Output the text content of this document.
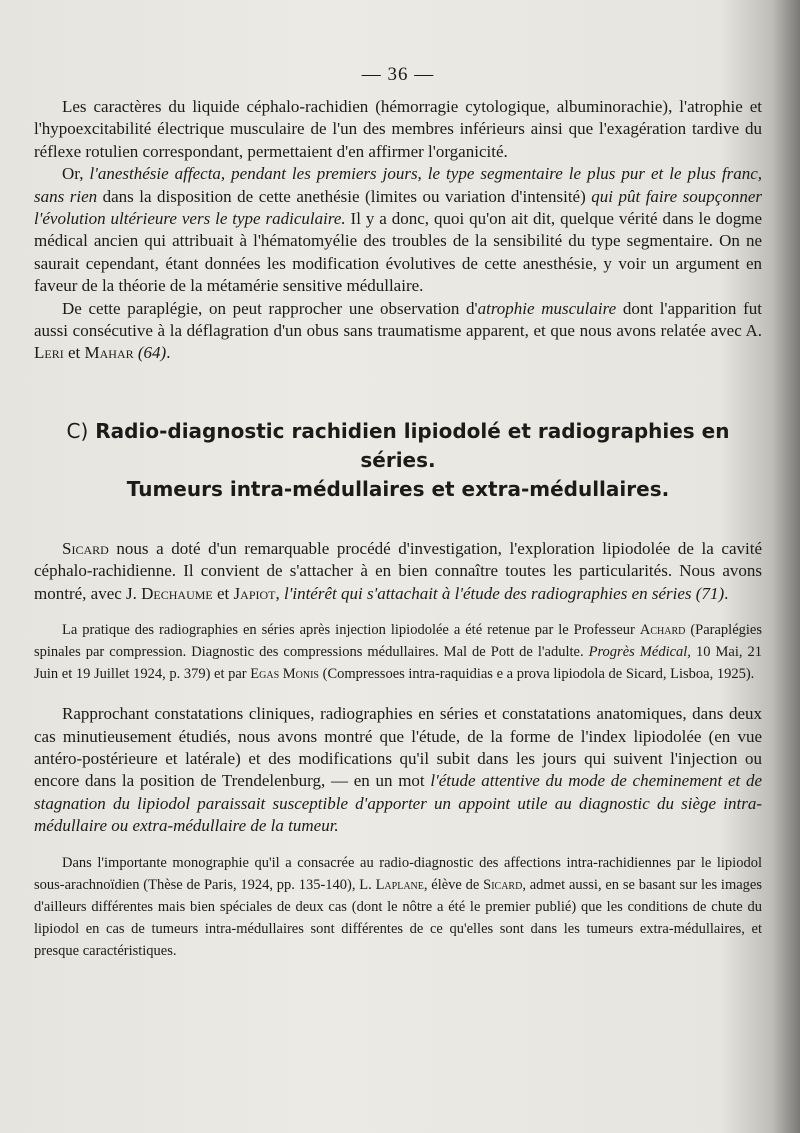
— 36 —

Les caractères du liquide céphalo-rachidien (hémorragie cytologique, albuminorachie), l'atrophie et l'hypoexcitabilité électrique musculaire de l'un des membres inférieurs ainsi que l'exagération tardive du réflexe rotulien correspondant, permettaient d'en affirmer l'organicité.

Or, l'anesthésie affecta, pendant les premiers jours, le type segmentaire le plus pur et le plus franc, sans rien dans la disposition de cette anethésie (limites ou variation d'intensité) qui pût faire soupçonner l'évolution ultérieure vers le type radiculaire. Il y a donc, quoi qu'on ait dit, quelque vérité dans le dogme médical ancien qui attribuait à l'hématomyélie des troubles de la sensibilité du type segmentaire. On ne saurait cependant, étant données les modification évolutives de cette anesthésie, y voir un argument en faveur de la théorie de la métamérie sensitive médullaire.

De cette paraplégie, on peut rapprocher une observation d'atrophie musculaire dont l'apparition fut aussi consécutive à la déflagration d'un obus sans traumatisme apparent, et que nous avons relatée avec A. Leri et Mahar (64).

C) Radio-diagnostic rachidien lipiodolé et radiographies en séries.
Tumeurs intra-médullaires et extra-médullaires.

Sicard nous a doté d'un remarquable procédé d'investigation, l'exploration lipiodolée de la cavité céphalo-rachidienne. Il convient de s'attacher à en bien connaître toutes les particularités. Nous avons montré, avec J. Dechaume et Japiot, l'intérêt qui s'attachait à l'étude des radiographies en séries (71).

La pratique des radiographies en séries après injection lipiodolée a été retenue par le Professeur Achard (Paraplégies spinales par compression. Diagnostic des compressions médullaires. Mal de Pott de l'adulte. Progrès Médical, 10 Mai, 21 Juin et 19 Juillet 1924, p. 379) et par Egas Monis (Compressoes intra-raquidias e a prova lipiodola de Sicard, Lisboa, 1925).

Rapprochant constatations cliniques, radiographies en séries et constatations anatomiques, dans deux cas minutieusement étudiés, nous avons montré que l'étude, de la forme de l'index lipiodolée (en vue antéro-postérieure et latérale) et des modifications qu'il subit dans les jours qui suivent l'injection ou encore dans la position de Trendelenburg, — en un mot l'étude attentive du mode de cheminement et de stagnation du lipiodol paraissait susceptible d'apporter un appoint utile au diagnostic du siège intra-médullaire ou extra-médullaire de la tumeur.

Dans l'importante monographie qu'il a consacrée au radio-diagnostic des affections intra-rachidiennes par le lipiodol sous-arachnoïdien (Thèse de Paris, 1924, pp. 135-140), L. Laplane, élève de Sicard, admet aussi, en se basant sur les images d'ailleurs différentes mais bien spéciales de deux cas (dont le nôtre a été le premier publié) que les conditions de chute du lipiodol en cas de tumeurs intra-médullaires sont différentes de ce qu'elles sont dans les tumeurs extra-médullaires, et presque caractéristiques.
